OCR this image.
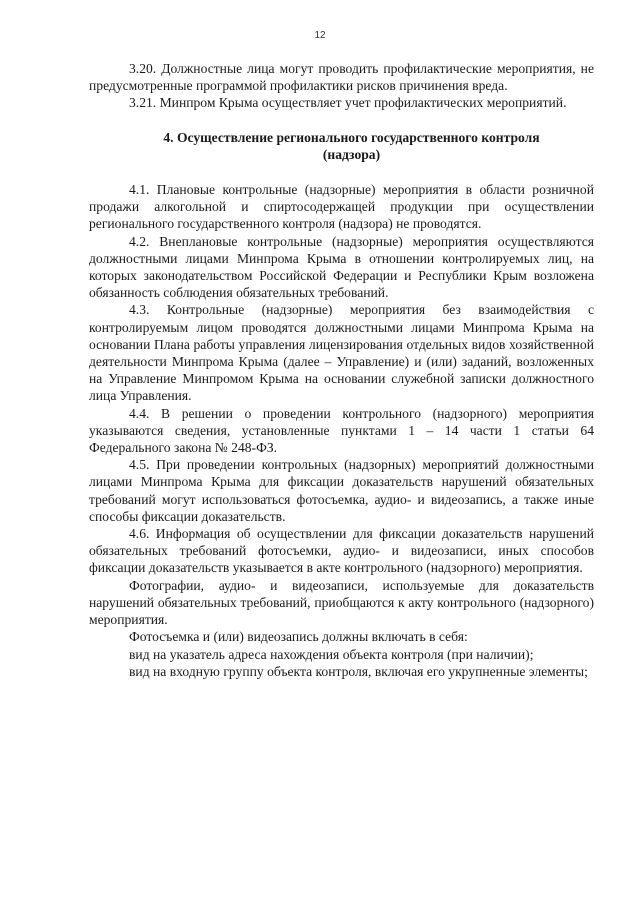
12

3.20. Должностные лица могут проводить профилактические мероприятия, не предусмотренные программой профилактики рисков причинения вреда.

3.21. Минпром Крыма осуществляет учет профилактических мероприятий.

4. Осуществление регионального государственного контроля
(надзора)

4.1. Плановые контрольные (надзорные) мероприятия в области розничной продажи алкогольной и спиртосодержащей продукции при осуществлении регионального государственного контроля (надзора) не проводятся.

4.2. Внеплановые контрольные (надзорные) мероприятия осуществляются должностными лицами Минпрома Крыма в отношении контролируемых лиц, на которых законодательством Российской Федерации и Республики Крым возложена обязанность соблюдения обязательных требований.

4.3. Контрольные (надзорные) мероприятия без взаимодействия с контролируемым лицом проводятся должностными лицами Минпрома Крыма на основании Плана работы управления лицензирования отдельных видов хозяйственной деятельности Минпрома Крыма (далее – Управление) и (или) заданий, возложенных на Управление Минпромом Крыма на основании служебной записки должностного лица Управления.

4.4. В решении о проведении контрольного (надзорного) мероприятия указываются сведения, установленные пунктами 1 – 14 части 1 статьи 64 Федерального закона № 248-ФЗ.

4.5. При проведении контрольных (надзорных) мероприятий должностными лицами Минпрома Крыма для фиксации доказательств нарушений обязательных требований могут использоваться фотосъемка, аудио- и видеозапись, а также иные способы фиксации доказательств.

4.6. Информация об осуществлении для фиксации доказательств нарушений обязательных требований фотосъемки, аудио- и видеозаписи, иных способов фиксации доказательств указывается в акте контрольного (надзорного) мероприятия.

Фотографии, аудио- и видеозаписи, используемые для доказательств нарушений обязательных требований, приобщаются к акту контрольного (надзорного) мероприятия.

Фотосъемка и (или) видеозапись должны включать в себя:

вид на указатель адреса нахождения объекта контроля (при наличии);

вид на входную группу объекта контроля, включая его укрупненные элементы;
